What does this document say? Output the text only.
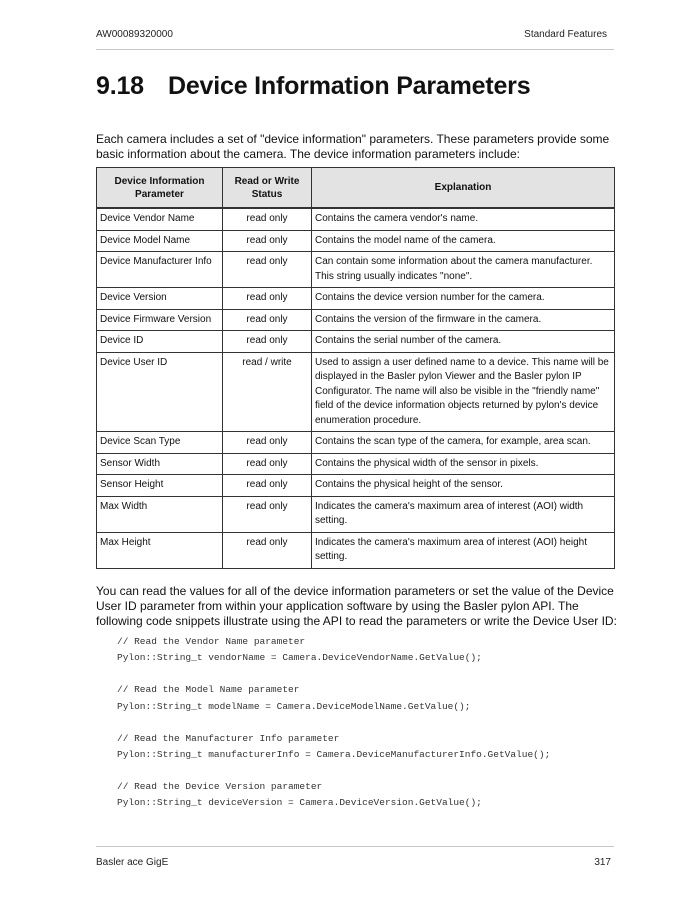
AW00089320000	Standard Features
9.18 Device Information Parameters
Each camera includes a set of "device information" parameters. These parameters provide some basic information about the camera. The device information parameters include:
Device Information Parameter	Read or Write Status	Explanation
Device Vendor Name	read only	Contains the camera vendor's name.
Device Model Name	read only	Contains the model name of the camera.
Device Manufacturer Info	read only	Can contain some information about the camera manufacturer. This string usually indicates "none".
Device Version	read only	Contains the device version number for the camera.
Device Firmware Version	read only	Contains the version of the firmware in the camera.
Device ID	read only	Contains the serial number of the camera.
Device User ID	read / write	Used to assign a user defined name to a device. This name will be displayed in the Basler pylon Viewer and the Basler pylon IP Configurator. The name will also be visible in the "friendly name" field of the device information objects returned by pylon's device enumeration procedure.
Device Scan Type	read only	Contains the scan type of the camera, for example, area scan.
Sensor Width	read only	Contains the physical width of the sensor in pixels.
Sensor Height	read only	Contains the physical height of the sensor.
Max Width	read only	Indicates the camera's maximum area of interest (AOI) width setting.
Max Height	read only	Indicates the camera's maximum area of interest (AOI) height setting.
You can read the values for all of the device information parameters or set the value of the Device User ID parameter from within your application software by using the Basler pylon API. The following code snippets illustrate using the API to read the parameters or write the Device User ID:
// Read the Vendor Name parameter
Pylon::String_t vendorName = Camera.DeviceVendorName.GetValue();
// Read the Model Name parameter
Pylon::String_t modelName = Camera.DeviceModelName.GetValue();
// Read the Manufacturer Info parameter
Pylon::String_t manufacturerInfo = Camera.DeviceManufacturerInfo.GetValue();
// Read the Device Version parameter
Pylon::String_t deviceVersion = Camera.DeviceVersion.GetValue();
Basler ace GigE	317
